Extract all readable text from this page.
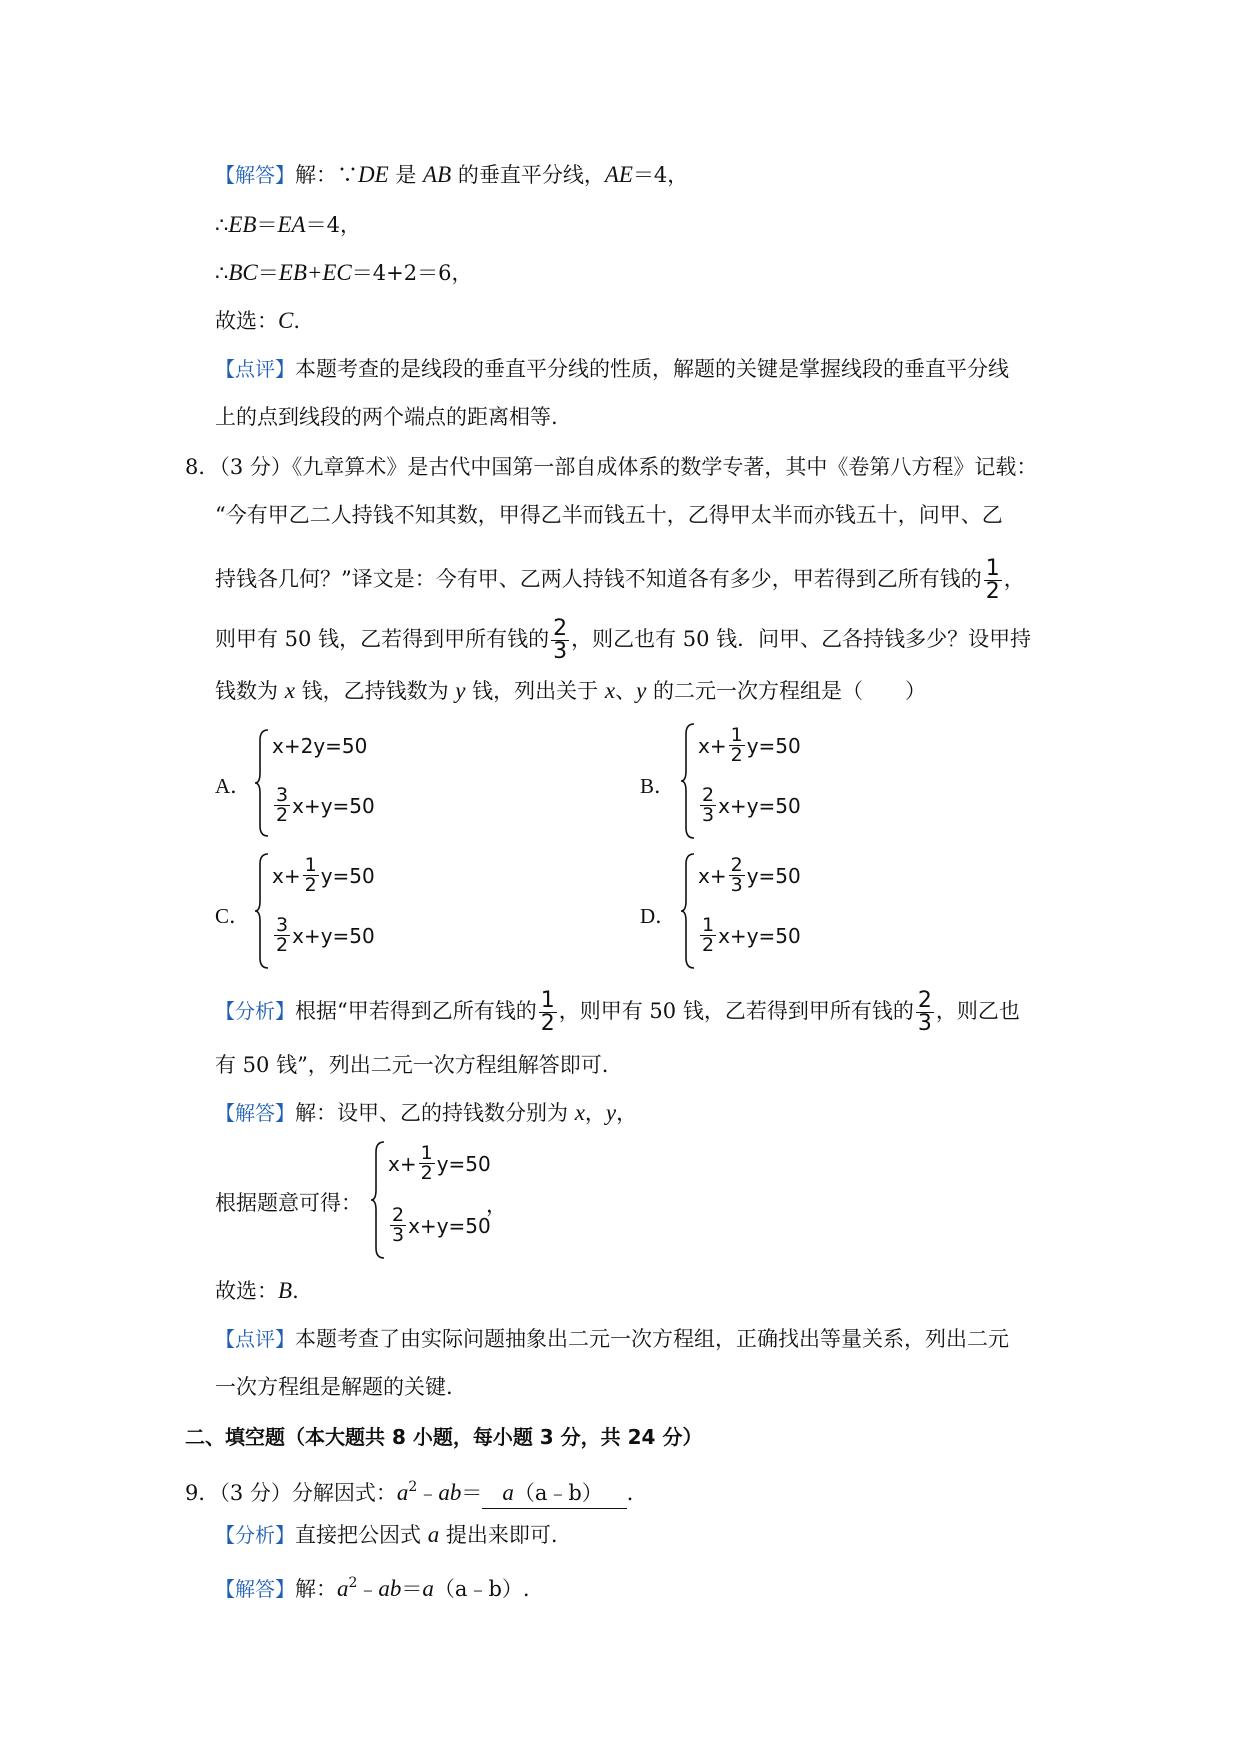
【解答】解：∵DE 是 AB 的垂直平分线，AE＝4，
∴EB＝EA＝4，
∴BC＝EB+EC＝4+2＝6，
故选：C.
【点评】本题考查的是线段的垂直平分线的性质，解题的关键是掌握线段的垂直平分线
上的点到线段的两个端点的距离相等.
8．（3 分）《九章算术》是古代中国第一部自成体系的数学专著，其中《卷第八方程》记载：
“今有甲乙二人持钱不知其数，甲得乙半而钱五十，乙得甲太半而亦钱五十，问甲、乙
持钱各几何？”译文是：今有甲、乙两人持钱不知道各有多少，甲若得到乙所有钱的 $\frac{1}{2}$ ，
则甲有 50 钱，乙若得到甲所有钱的 $\frac{2}{3}$ ，则乙也有 50 钱．问甲、乙各持钱多少？设甲持
钱数为 x 钱，乙持钱数为 y 钱，列出关于 x、y 的二元一次方程组是（　　）
A．
x+2y=50
$\frac{3}{2} x+y=50$
B．
$x+ \frac{1}{2} y=50$
$\frac{2}{3} x+y=50$
C．
$x+ \frac{1}{2} y=50$
$\frac{3}{2} x+y=50$
D．
$x+ \frac{2}{3} y=50$
$\frac{1}{2} x+y=50$
【分析】根据“甲若得到乙所有钱的 $\frac{1}{2}$ ，则甲有 50 钱，乙若得到甲所有钱的 $\frac{2}{3}$ ，则乙也
有 50 钱”，列出二元一次方程组解答即可.
【解答】解：设甲、乙的持钱数分别为 x，y，
根据题意可得：
$x+ \frac{1}{2} y=50$
$\frac{2}{3} x+y=50$
，
故选：B.
【点评】本题考查了由实际问题抽象出二元一次方程组，正确找出等量关系，列出二元
一次方程组是解题的关键.
二、填空题（本大题共 8 小题，每小题 3 分，共 24 分）
9．（3 分）分解因式：$a^2﹣ab=$ a（a﹣b） ．
【分析】直接把公因式 a 提出来即可.
【解答】解：$a^2﹣ab=a(a﹣b)$.
